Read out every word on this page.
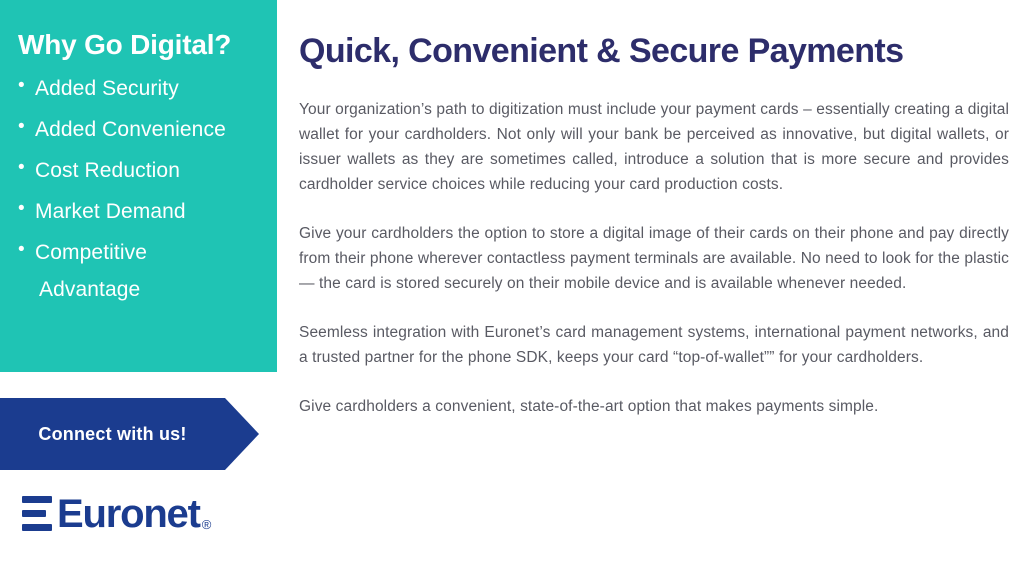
Why Go Digital?
• Added Security
• Added Convenience
• Cost Reduction
• Market Demand
• Competitive
Advantage
Connect with us!
Euronet ®
Quick, Convenient & Secure Payments

Your organization’s path to digitization must include your payment cards – essentially creating a digital wallet for your cardholders. Not only will your bank be perceived as innovative, but digital wallets, or issuer wallets as they are sometimes called, introduce a solution that is more secure and provides cardholder service choices while reducing your card production costs.

Give your cardholders the option to store a digital image of their cards on their phone and pay directly from their phone wherever contactless payment terminals are available. No need to look for the plastic— the card is stored securely on their mobile device and is available whenever needed.

Seemless integration with Euronet’s card management systems, international payment networks, and a trusted partner for the phone SDK, keeps your card “top-of-wallet”” for your cardholders.

Give cardholders a convenient, state-of-the-art option that makes payments simple.
